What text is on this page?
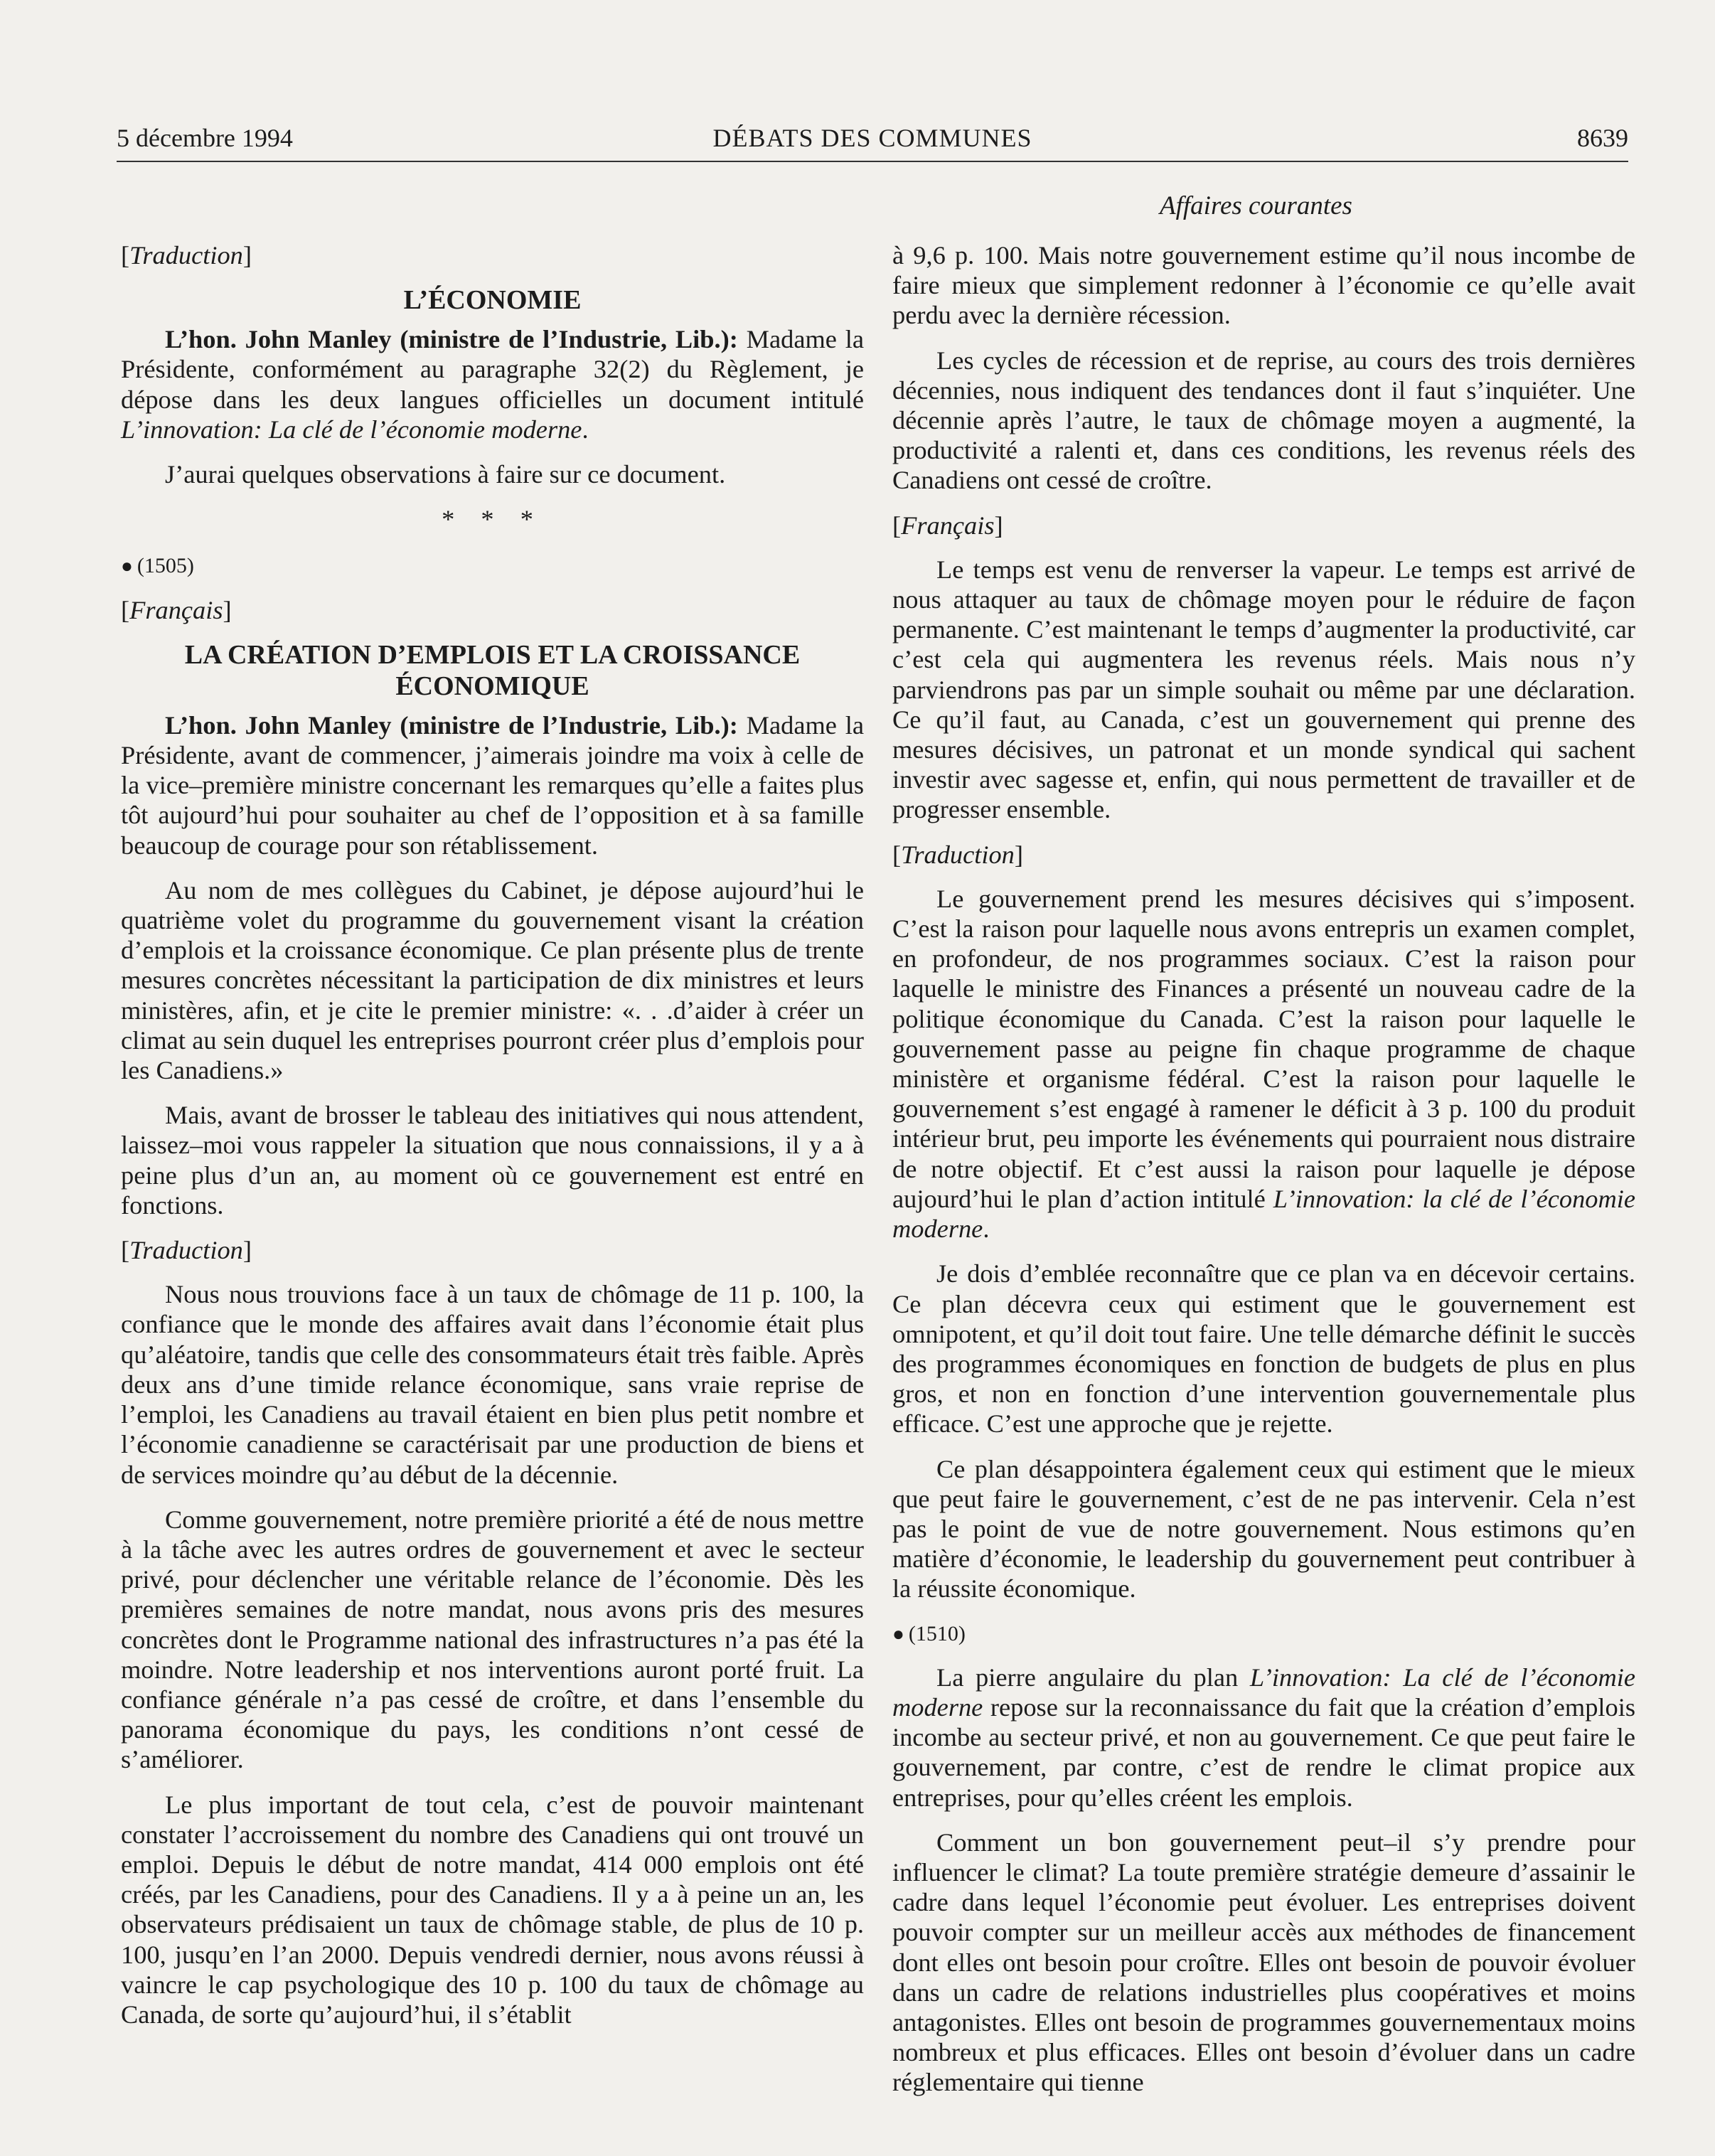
5 décembre 1994	DÉBATS DES COMMUNES	8639
Affaires courantes
[Traduction]
L’ÉCONOMIE

L’hon. John Manley (ministre de l’Industrie, Lib.): Madame la Présidente, conformément au paragraphe 32(2) du Règlement, je dépose dans les deux langues officielles un document intitulé L’innovation: La clé de l’économie moderne.

J’aurai quelques observations à faire sur ce document.

* * *
● (1505)
[Français]
LA CRÉATION D’EMPLOIS ET LA CROISSANCE
ÉCONOMIQUE

L’hon. John Manley (ministre de l’Industrie, Lib.): Madame la Présidente, avant de commencer, j’aimerais joindre ma voix à celle de la vice–première ministre concernant les remarques qu’elle a faites plus tôt aujourd’hui pour souhaiter au chef de l’opposition et à sa famille beaucoup de courage pour son rétablissement.

Au nom de mes collègues du Cabinet, je dépose aujourd’hui le quatrième volet du programme du gouvernement visant la création d’emplois et la croissance économique. Ce plan présente plus de trente mesures concrètes nécessitant la participation de dix ministres et leurs ministères, afin, et je cite le premier ministre: «. . .d’aider à créer un climat au sein duquel les entreprises pourront créer plus d’emplois pour les Canadiens.»

Mais, avant de brosser le tableau des initiatives qui nous attendent, laissez–moi vous rappeler la situation que nous connaissions, il y a à peine plus d’un an, au moment où ce gouvernement est entré en fonctions.

[Traduction]

Nous nous trouvions face à un taux de chômage de 11 p. 100, la confiance que le monde des affaires avait dans l’économie était plus qu’aléatoire, tandis que celle des consommateurs était très faible. Après deux ans d’une timide relance économique, sans vraie reprise de l’emploi, les Canadiens au travail étaient en bien plus petit nombre et l’économie canadienne se caractérisait par une production de biens et de services moindre qu’au début de la décennie.

Comme gouvernement, notre première priorité a été de nous mettre à la tâche avec les autres ordres de gouvernement et avec le secteur privé, pour déclencher une véritable relance de l’économie. Dès les premières semaines de notre mandat, nous avons pris des mesures concrètes dont le Programme national des infrastructures n’a pas été la moindre. Notre leadership et nos interventions auront porté fruit. La confiance générale n’a pas cessé de croître, et dans l’ensemble du panorama économique du pays, les conditions n’ont cessé de s’améliorer.

Le plus important de tout cela, c’est de pouvoir maintenant constater l’accroissement du nombre des Canadiens qui ont trouvé un emploi. Depuis le début de notre mandat, 414 000 emplois ont été créés, par les Canadiens, pour des Canadiens. Il y a à peine un an, les observateurs prédisaient un taux de chômage stable, de plus de 10 p. 100, jusqu’en l’an 2000. Depuis vendredi dernier, nous avons réussi à vaincre le cap psychologique des 10 p. 100 du taux de chômage au Canada, de sorte qu’aujourd’hui, il s’établit

à 9,6 p. 100. Mais notre gouvernement estime qu’il nous incombe de faire mieux que simplement redonner à l’économie ce qu’elle avait perdu avec la dernière récession.

Les cycles de récession et de reprise, au cours des trois dernières décennies, nous indiquent des tendances dont il faut s’inquiéter. Une décennie après l’autre, le taux de chômage moyen a augmenté, la productivité a ralenti et, dans ces conditions, les revenus réels des Canadiens ont cessé de croître.

[Français]

Le temps est venu de renverser la vapeur. Le temps est arrivé de nous attaquer au taux de chômage moyen pour le réduire de façon permanente. C’est maintenant le temps d’augmenter la productivité, car c’est cela qui augmentera les revenus réels. Mais nous n’y parviendrons pas par un simple souhait ou même par une déclaration. Ce qu’il faut, au Canada, c’est un gouvernement qui prenne des mesures décisives, un patronat et un monde syndical qui sachent investir avec sagesse et, enfin, qui nous permettent de travailler et de progresser ensemble.

[Traduction]

Le gouvernement prend les mesures décisives qui s’imposent. C’est la raison pour laquelle nous avons entrepris un examen complet, en profondeur, de nos programmes sociaux. C’est la raison pour laquelle le ministre des Finances a présenté un nouveau cadre de la politique économique du Canada. C’est la raison pour laquelle le gouvernement passe au peigne fin chaque programme de chaque ministère et organisme fédéral. C’est la raison pour laquelle le gouvernement s’est engagé à ramener le déficit à 3 p. 100 du produit intérieur brut, peu importe les événements qui pourraient nous distraire de notre objectif. Et c’est aussi la raison pour laquelle je dépose aujourd’hui le plan d’action intitulé L’innovation: la clé de l’économie moderne.

Je dois d’emblée reconnaître que ce plan va en décevoir certains. Ce plan décevra ceux qui estiment que le gouvernement est omnipotent, et qu’il doit tout faire. Une telle démarche définit le succès des programmes économiques en fonction de budgets de plus en plus gros, et non en fonction d’une intervention gouvernementale plus efficace. C’est une approche que je rejette.

Ce plan désappointera également ceux qui estiment que le mieux que peut faire le gouvernement, c’est de ne pas intervenir. Cela n’est pas le point de vue de notre gouvernement. Nous estimons qu’en matière d’économie, le leadership du gouvernement peut contribuer à la réussite économique.

● (1510)

La pierre angulaire du plan L’innovation: La clé de l’économie moderne repose sur la reconnaissance du fait que la création d’emplois incombe au secteur privé, et non au gouvernement. Ce que peut faire le gouvernement, par contre, c’est de rendre le climat propice aux entreprises, pour qu’elles créent les emplois.

Comment un bon gouvernement peut–il s’y prendre pour influencer le climat? La toute première stratégie demeure d’assainir le cadre dans lequel l’économie peut évoluer. Les entreprises doivent pouvoir compter sur un meilleur accès aux méthodes de financement dont elles ont besoin pour croître. Elles ont besoin de pouvoir évoluer dans un cadre de relations industrielles plus coopératives et moins antagonistes. Elles ont besoin de programmes gouvernementaux moins nombreux et plus efficaces. Elles ont besoin d’évoluer dans un cadre réglementaire qui tienne
